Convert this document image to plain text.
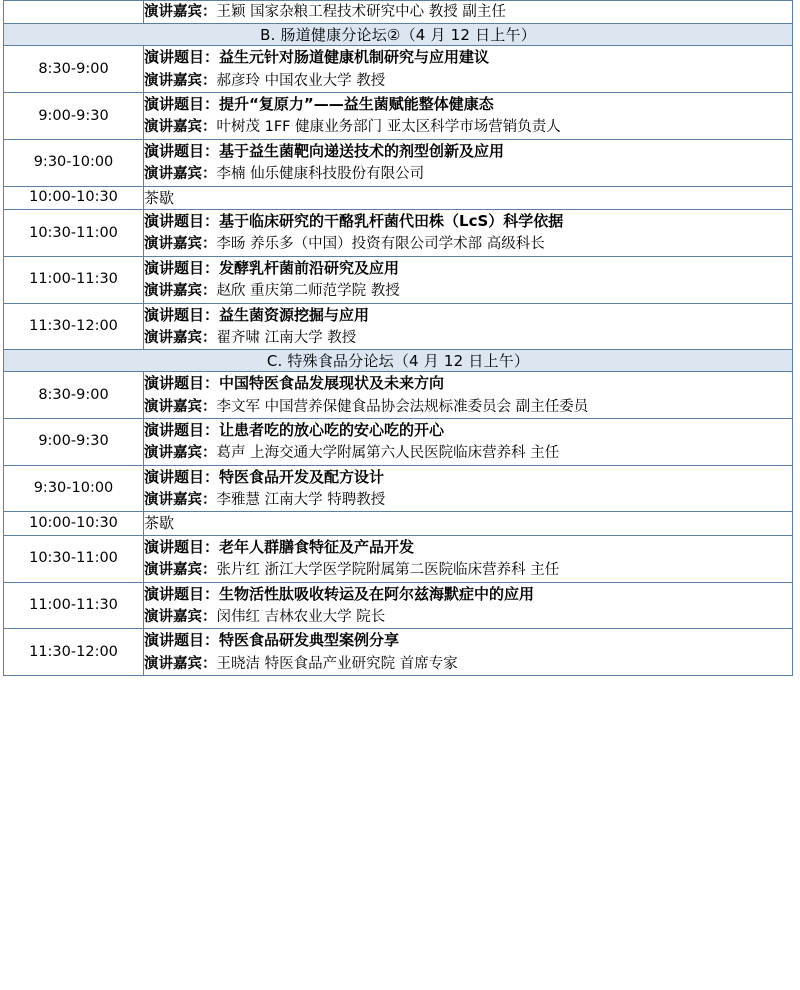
	演讲嘉宾：王颖 国家杂粮工程技术研究中心 教授 副主任

B. 肠道健康分论坛②（4 月 12 日上午）	
8:30-9:00	演讲题目：益生元针对肠道健康机制研究与应用建议
演讲嘉宾：郝彦玲 中国农业大学 教授

9:00-9:30	演讲题目：提升“复原力”——益生菌赋能整体健康态
演讲嘉宾：叶树茂 1FF 健康业务部门 亚太区科学市场营销负责人

9:30-10:00	演讲题目：基于益生菌靶向递送技术的剂型创新及应用
演讲嘉宾：李楠 仙乐健康科技股份有限公司

10:00-10:30	茶歇
10:30-11:00	演讲题目：基于临床研究的干酪乳杆菌代田株（LcS）科学依据
演讲嘉宾：李旸 养乐多（中国）投资有限公司学术部 高级科长

11:00-11:30	演讲题目：发酵乳杆菌前沿研究及应用
演讲嘉宾：赵欣 重庆第二师范学院 教授

11:30-12:00	演讲题目：益生菌资源挖掘与应用
演讲嘉宾：翟齐啸 江南大学 教授

C. 特殊食品分论坛（4 月 12 日上午）	
8:30-9:00	演讲题目：中国特医食品发展现状及未来方向
演讲嘉宾：李文军 中国营养保健食品协会法规标准委员会 副主任委员

9:00-9:30	演讲题目：让患者吃的放心吃的安心吃的开心
演讲嘉宾：葛声 上海交通大学附属第六人民医院临床营养科 主任

9:30-10:00	演讲题目：特医食品开发及配方设计
演讲嘉宾：李雅慧 江南大学 特聘教授

10:00-10:30	茶歇
10:30-11:00	演讲题目：老年人群膳食特征及产品开发
演讲嘉宾：张片红 浙江大学医学院附属第二医院临床营养科 主任

11:00-11:30	演讲题目：生物活性肽吸收转运及在阿尔兹海默症中的应用
演讲嘉宾：闵伟红 吉林农业大学 院长

11:30-12:00	演讲题目：特医食品研发典型案例分享
演讲嘉宾：王晓洁 特医食品产业研究院 首席专家
